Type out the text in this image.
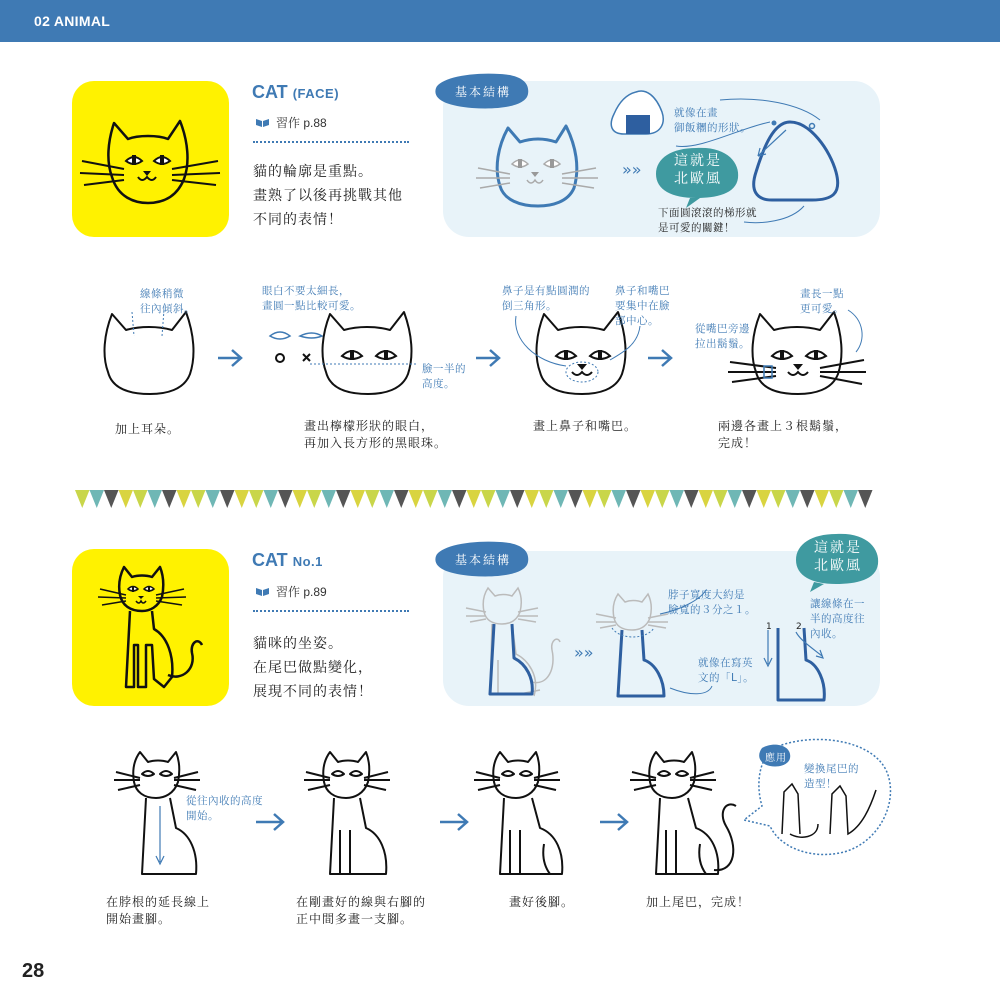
02 ANIMAL
CAT (FACE)
習作 p.88
貓的輪廓是重點。
畫熟了以後再挑戰其他
不同的表情！
CAT No.1
習作 p.89
貓咪的坐姿。
在尾巴做點變化，
展現不同的表情！
»»
»»
基本結構
基本結構
應用
這就是
北歐風
這就是
北歐風
就像在畫
御飯糰的形狀。
下面圓滾滾的梯形就
是可愛的關鍵！
線條稍微
往內傾斜。
眼白不要太細長，
畫圓一點比較可愛。
臉一半的
高度。
鼻子是有點圓潤的
倒三角形。
鼻子和嘴巴
要集中在臉
部中心。
從嘴巴旁邊
拉出鬍鬚。
畫長一點
更可愛。
加上耳朵。	畫出檸檬形狀的眼白，
再加入長方形的黑眼珠。
畫上鼻子和嘴巴。	兩邊各畫上３根鬍鬚，
完成！
脖子寬度大約是
臉寬的３分之１。
就像在寫英
文的「L」。
讓線條在一
半的高度往
內收。
1	2
從往內收的高度
開始。
變換尾巴的
造型！
在脖根的延長線上
開始畫腳。
在剛畫好的線與右腳的
正中間多畫一支腳。
畫好後腳。	加上尾巴，完成！
28
